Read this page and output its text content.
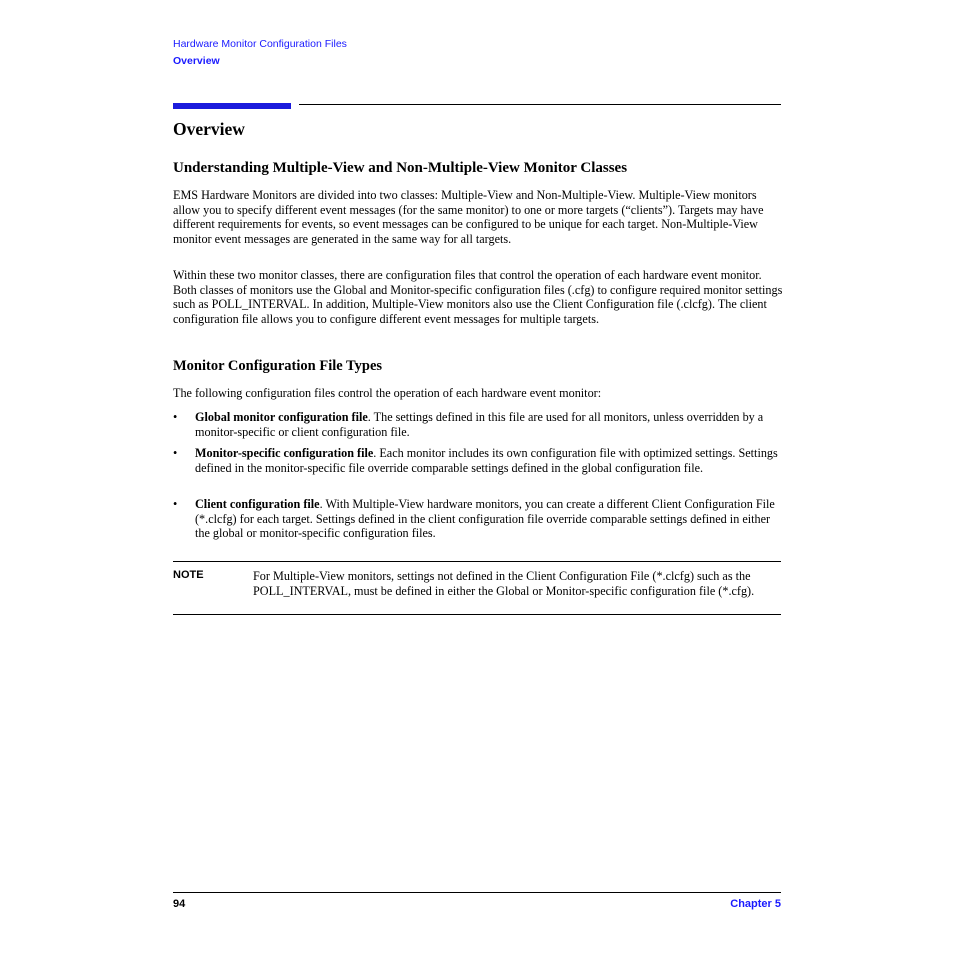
Hardware Monitor Configuration Files
Overview
Overview
Understanding Multiple-View and Non-Multiple-View Monitor Classes
EMS Hardware Monitors are divided into two classes: Multiple-View and Non-Multiple-View. Multiple-View monitors allow you to specify different event messages (for the same monitor) to one or more targets (“clients”). Targets may have different requirements for events, so event messages can be configured to be unique for each target. Non-Multiple-View monitor event messages are generated in the same way for all targets.
Within these two monitor classes, there are configuration files that control the operation of each hardware event monitor. Both classes of monitors use the Global and Monitor-specific configuration files (.cfg) to configure required monitor settings such as POLL_INTERVAL. In addition, Multiple-View monitors also use the Client Configuration file (.clcfg). The client configuration file allows you to configure different event messages for multiple targets.
Monitor Configuration File Types
The following configuration files control the operation of each hardware event monitor:
•	Global monitor configuration file. The settings defined in this file are used for all monitors, unless overridden by a monitor-specific or client configuration file.
•	Monitor-specific configuration file. Each monitor includes its own configuration file with optimized settings. Settings defined in the monitor-specific file override comparable settings defined in the global configuration file.
•	Client configuration file. With Multiple-View hardware monitors, you can create a different Client Configuration File (*.clcfg) for each target. Settings defined in the client configuration file override comparable settings defined in either the global or monitor-specific configuration files.
NOTE	For Multiple-View monitors, settings not defined in the Client Configuration File (*.clcfg) such as the POLL_INTERVAL, must be defined in either the Global or Monitor-specific configuration file (*.cfg).
94	Chapter 5
